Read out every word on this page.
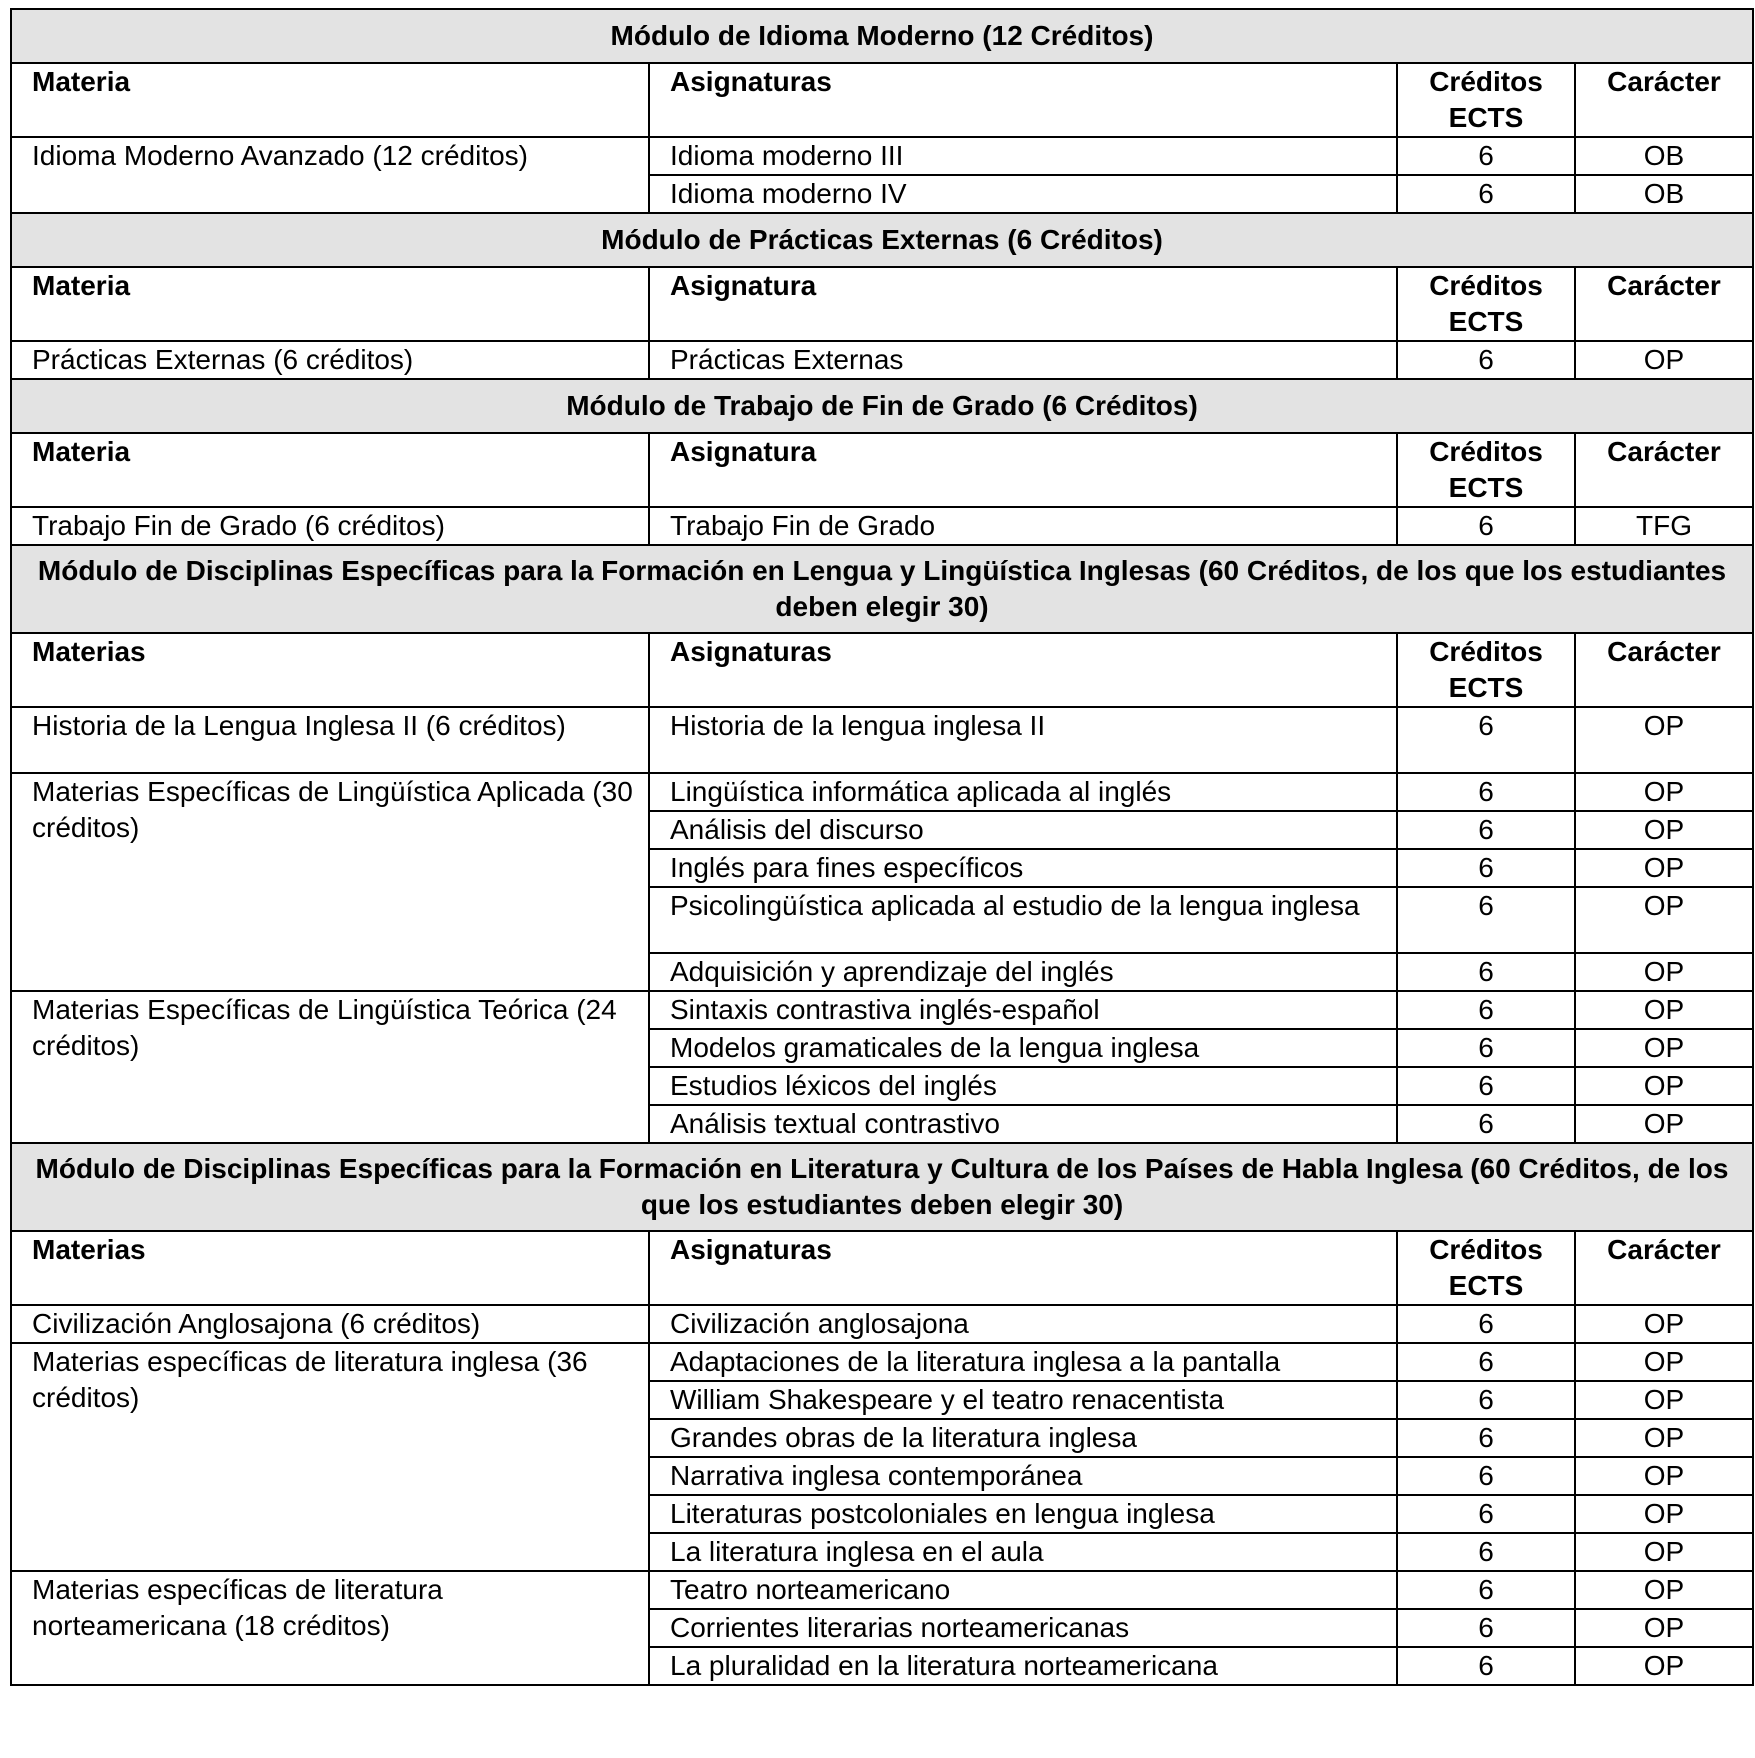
Módulo de Idioma Moderno (12 Créditos)			
Materia	Asignaturas	Créditos ECTS	Carácter
Idioma Moderno Avanzado (12 créditos)	Idioma moderno III	6	OB
	Idioma moderno IV	6	OB
Módulo de Prácticas Externas (6 Créditos)			
Materia	Asignatura	Créditos ECTS	Carácter
Prácticas Externas (6 créditos)	Prácticas Externas	6	OP
Módulo de Trabajo de Fin de Grado (6 Créditos)			
Materia	Asignatura	Créditos ECTS	Carácter
Trabajo Fin de Grado (6 créditos)	Trabajo Fin de Grado	6	TFG
Módulo de Disciplinas Específicas para la Formación en Lengua y Lingüística Inglesas (60 Créditos, de los que los estudiantes deben elegir 30)			
Materias	Asignaturas	Créditos ECTS	Carácter
Historia de la Lengua Inglesa II (6 créditos)	Historia de la lengua inglesa II	6	OP
Materias Específicas de Lingüística Aplicada (30 créditos)	Lingüística informática aplicada al inglés	6	OP
	Análisis del discurso	6	OP
	Inglés para fines específicos	6	OP
	Psicolingüística aplicada al estudio de la lengua inglesa	6	OP
	Adquisición y aprendizaje del inglés	6	OP
Materias Específicas de Lingüística Teórica (24 créditos)	Sintaxis contrastiva inglés-español	6	OP
	Modelos gramaticales de la lengua inglesa	6	OP
	Estudios léxicos del inglés	6	OP
	Análisis textual contrastivo	6	OP
Módulo de Disciplinas Específicas para la Formación en Literatura y Cultura de los Países de Habla Inglesa (60 Créditos, de los que los estudiantes deben elegir 30)			
Materias	Asignaturas	Créditos ECTS	Carácter
Civilización Anglosajona (6 créditos)	Civilización anglosajona	6	OP
Materias específicas de literatura inglesa (36 créditos)	Adaptaciones de la literatura inglesa a la pantalla	6	OP
	William Shakespeare y el teatro renacentista	6	OP
	Grandes obras de la literatura inglesa	6	OP
	Narrativa inglesa contemporánea	6	OP
	Literaturas postcoloniales en lengua inglesa	6	OP
	La literatura inglesa en el aula	6	OP
Materias específicas de literatura norteamericana (18 créditos)	Teatro norteamericano	6	OP
	Corrientes literarias norteamericanas	6	OP
	La pluralidad en la literatura norteamericana	6	OP
